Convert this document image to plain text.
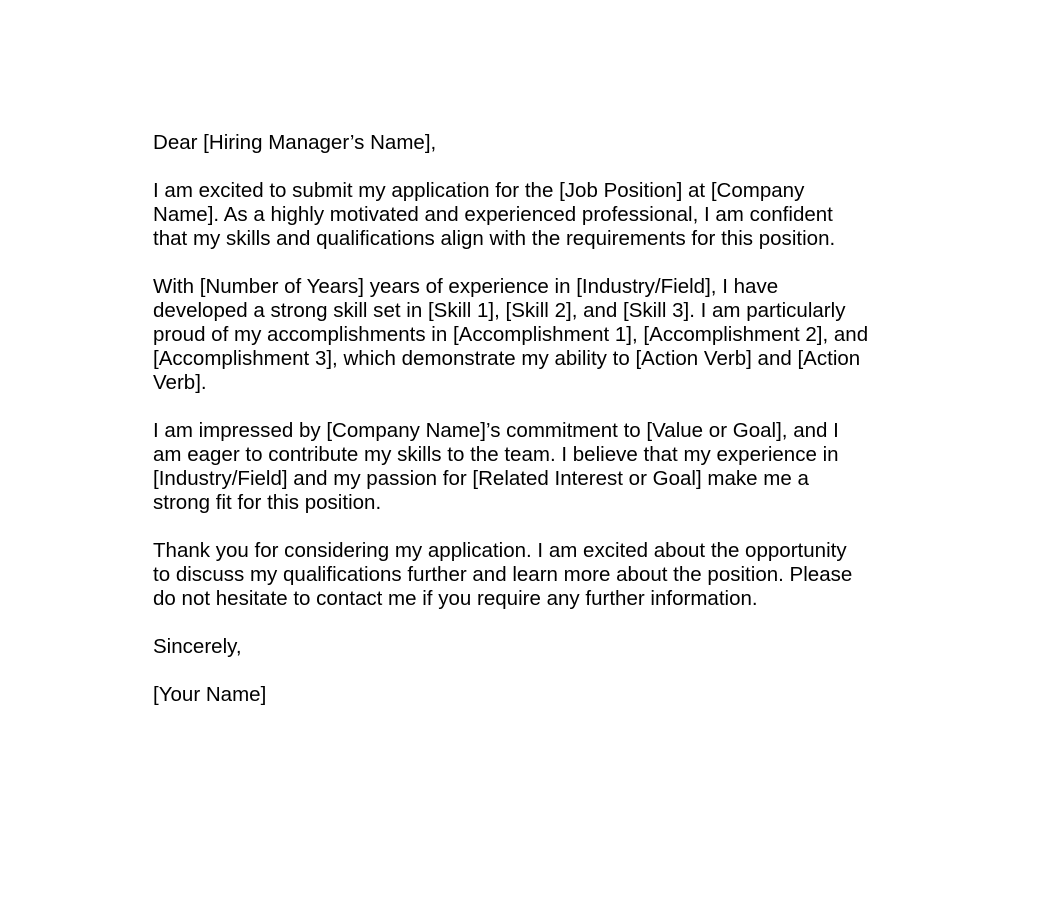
Dear [Hiring Manager’s Name],
I am excited to submit my application for the [Job Position] at [Company
Name]. As a highly motivated and experienced professional, I am confident
that my skills and qualifications align with the requirements for this position.
With [Number of Years] years of experience in [Industry/Field], I have
developed a strong skill set in [Skill 1], [Skill 2], and [Skill 3]. I am particularly
proud of my accomplishments in [Accomplishment 1], [Accomplishment 2], and
[Accomplishment 3], which demonstrate my ability to [Action Verb] and [Action
Verb].
I am impressed by [Company Name]’s commitment to [Value or Goal], and I
am eager to contribute my skills to the team. I believe that my experience in
[Industry/Field] and my passion for [Related Interest or Goal] make me a
strong fit for this position.
Thank you for considering my application. I am excited about the opportunity
to discuss my qualifications further and learn more about the position. Please
do not hesitate to contact me if you require any further information.
Sincerely,
[Your Name]
